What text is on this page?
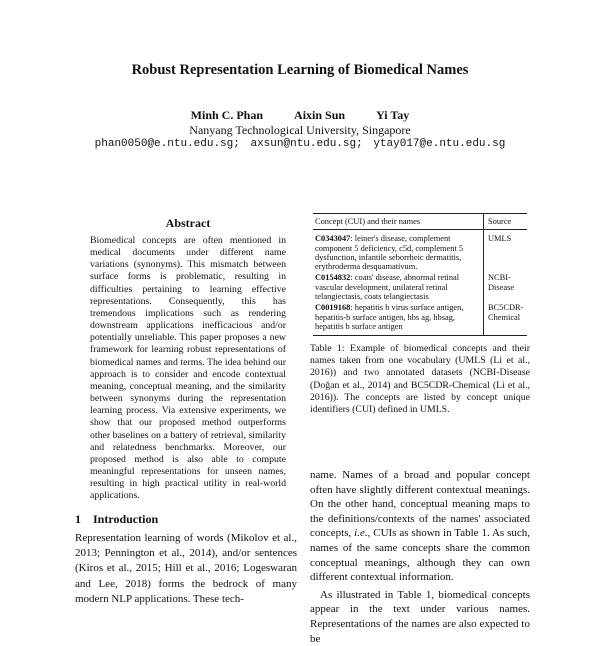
Robust Representation Learning of Biomedical Names
Minh C. Phan	Aixin Sun	Yi Tay
Nanyang Technological University, Singapore
phan0050@e.ntu.edu.sg; axsun@ntu.edu.sg; ytay017@e.ntu.edu.sg
Abstract

Biomedical concepts are often mentioned in medical documents under different name variations (synonyms). This mismatch between surface forms is problematic, resulting in difficulties pertaining to learning effective representations. Consequently, this has tremendous implications such as rendering downstream applications inefficacious and/or potentially unreliable. This paper proposes a new framework for learning robust representations of biomedical names and terms. The idea behind our approach is to consider and encode contextual meaning, conceptual meaning, and the similarity between synonyms during the representation learning process. Via extensive experiments, we show that our proposed method outperforms other baselines on a battery of retrieval, similarity and relatedness benchmarks. Moreover, our proposed method is also able to compute meaningful representations for unseen names, resulting in high practical utility in real-world applications.

1 Introduction

Representation learning of words (Mikolov et al., 2013; Pennington et al., 2014), and/or sentences (Kiros et al., 2015; Hill et al., 2016; Logeswaran and Lee, 2018) forms the bedrock of many modern NLP applications. These tech-

Concept (CUI) and their names	Source
C0343047: leiner's disease, complement component 5 deficiency, c5d, complement 5 dysfunction, infantile seborrheic dermatitis, erythroderma desquamativum.	UMLS
C0154832: coats' disease, abnormal retinal vascular development, unilateral retinal telangiectasis, coats telangiectasis	NCBI-Disease
C0019168: hepatitis b virus surface antigen, hepatitis-b surface antigen, hbs ag, hbsag, hepatitis b surface antigen	BC5CDR-Chemical

Table 1: Example of biomedical concepts and their names taken from one vocabulary (UMLS (Li et al., 2016)) and two annotated datasets (NCBI-Disease (Doğan et al., 2014) and BC5CDR-Chemical (Li et al., 2016)). The concepts are listed by concept unique identifiers (CUI) defined in UMLS.

name. Names of a broad and popular concept often have slightly different contextual meanings. On the other hand, conceptual meaning maps to the definitions/contexts of the names' associated concepts, i.e., CUIs as shown in Table 1. As such, names of the same concepts share the common conceptual meanings, although they can own different contextual information.

As illustrated in Table 1, biomedical concepts appear in the text under various names. Representations of the names are also expected to be
